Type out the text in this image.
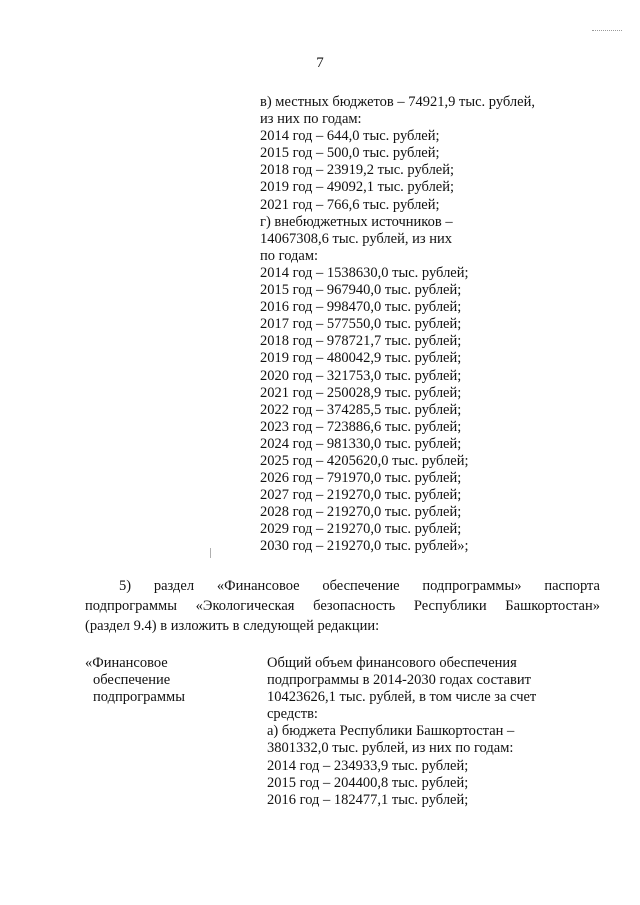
7
в) местных бюджетов – 74921,9 тыс. рублей,
из них по годам:
2014 год – 644,0 тыс. рублей;
2015 год – 500,0 тыс. рублей;
2018 год – 23919,2 тыс. рублей;
2019 год – 49092,1 тыс. рублей;
2021 год – 766,6 тыс. рублей;
г) внебюджетных источников –
14067308,6 тыс. рублей, из них
по годам:
2014 год – 1538630,0 тыс. рублей;
2015 год – 967940,0 тыс. рублей;
2016 год – 998470,0 тыс. рублей;
2017 год – 577550,0 тыс. рублей;
2018 год – 978721,7 тыс. рублей;
2019 год – 480042,9 тыс. рублей;
2020 год – 321753,0 тыс. рублей;
2021 год – 250028,9 тыс. рублей;
2022 год – 374285,5 тыс. рублей;
2023 год – 723886,6 тыс. рублей;
2024 год – 981330,0 тыс. рублей;
2025 год – 4205620,0 тыс. рублей;
2026 год – 791970,0 тыс. рублей;
2027 год – 219270,0 тыс. рублей;
2028 год – 219270,0 тыс. рублей;
2029 год – 219270,0 тыс. рублей;
2030 год – 219270,0 тыс. рублей»;
5) раздел «Финансовое обеспечение подпрограммы» паспорта
подпрограммы «Экологическая безопасность Республики Башкортостан»
(раздел 9.4) в изложить в следующей редакции:
«Финансовое
обеспечение
подпрограммы
Общий объем финансового обеспечения
подпрограммы в 2014-2030 годах составит
10423626,1 тыс. рублей, в том числе за счет
средств:
а) бюджета Республики Башкортостан –
3801332,0 тыс. рублей, из них по годам:
2014 год – 234933,9 тыс. рублей;
2015 год – 204400,8 тыс. рублей;
2016 год – 182477,1 тыс. рублей;
